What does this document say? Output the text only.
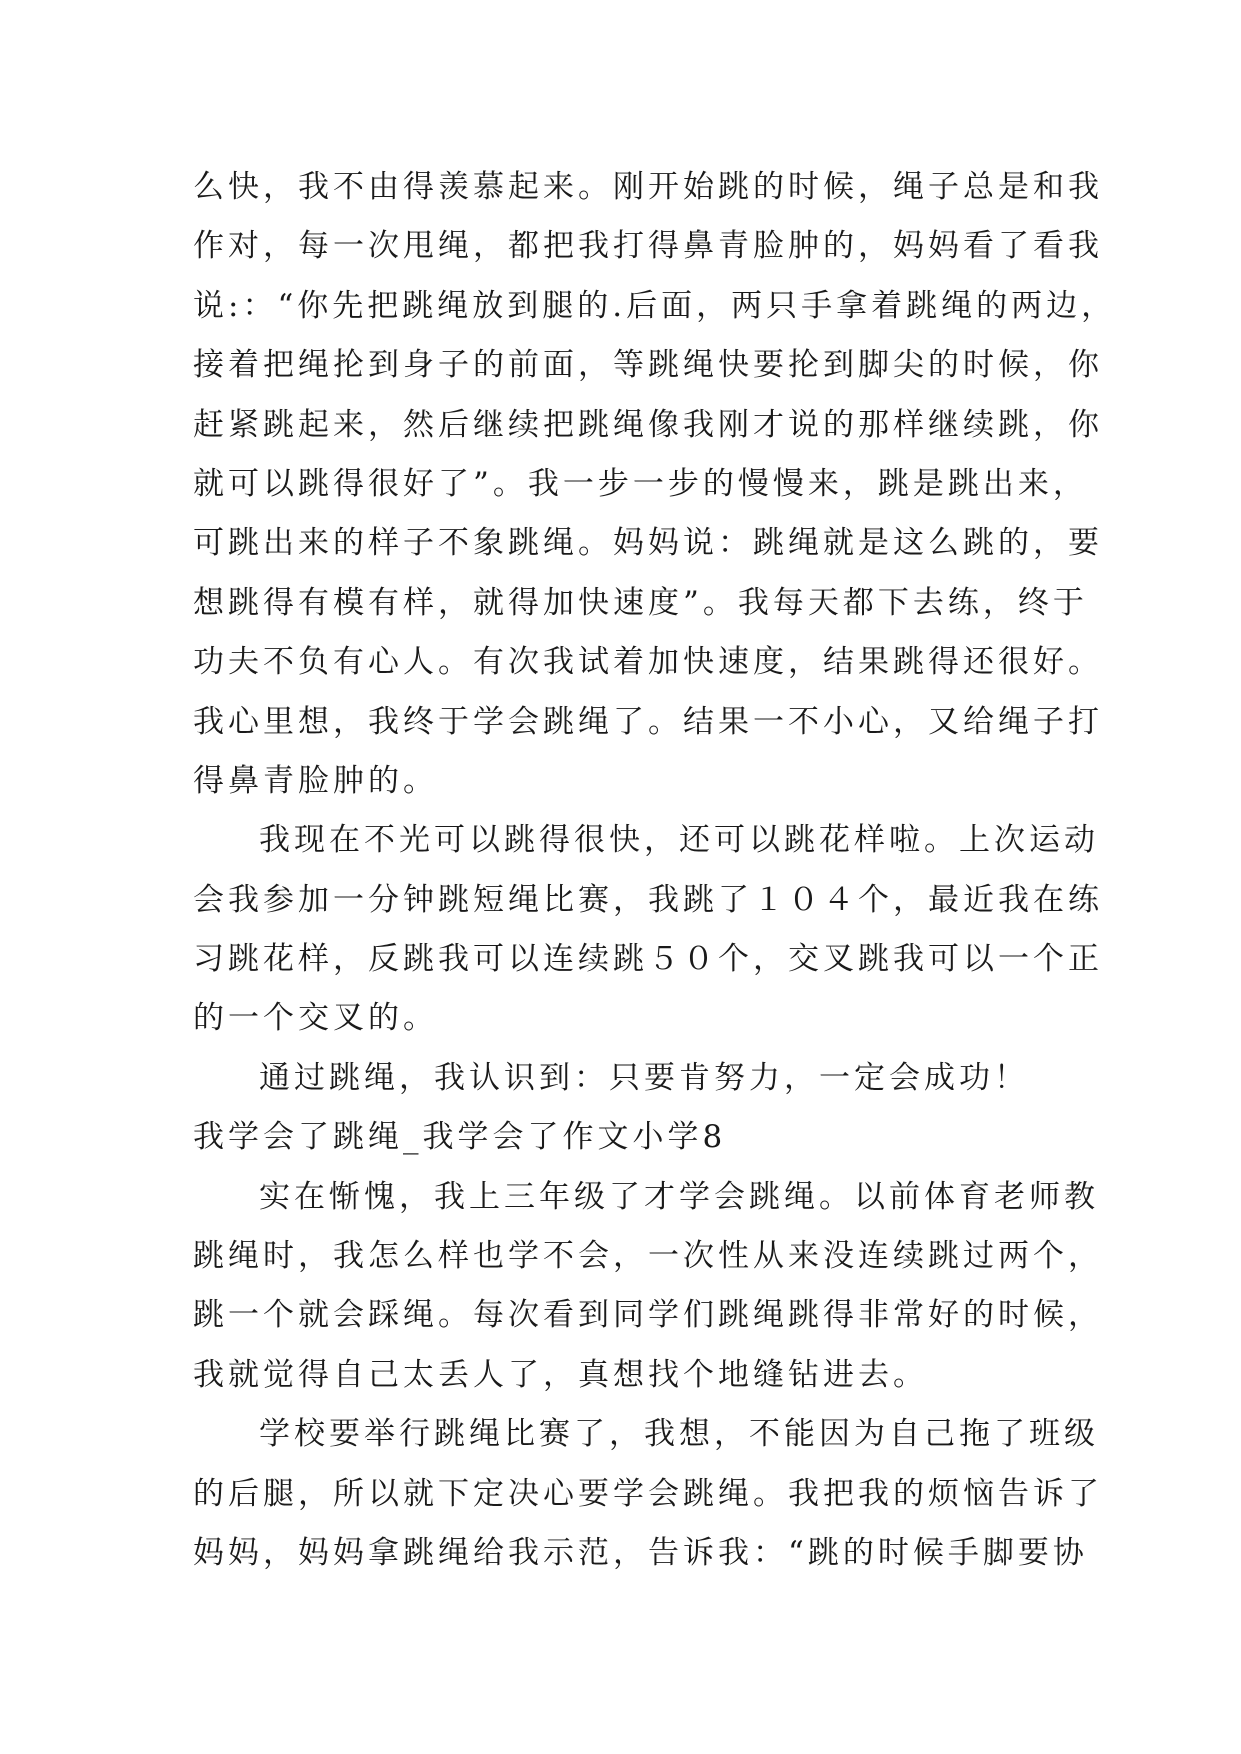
么快，我不由得羡慕起来。刚开始跳的时候，绳子总是和我
作对，每一次甩绳，都把我打得鼻青脸肿的，妈妈看了看我
说:：“你先把跳绳放到腿的.后面，两只手拿着跳绳的两边，
接着把绳抡到身子的前面，等跳绳快要抡到脚尖的时候，你
赶紧跳起来，然后继续把跳绳像我刚才说的那样继续跳，你
就可以跳得很好了”。我一步一步的慢慢来，跳是跳出来，
可跳出来的样子不象跳绳。妈妈说：跳绳就是这么跳的，要
想跳得有模有样，就得加快速度”。我每天都下去练，终于
功夫不负有心人。有次我试着加快速度，结果跳得还很好。
我心里想，我终于学会跳绳了。结果一不小心，又给绳子打
得鼻青脸肿的。
我现在不光可以跳得很快，还可以跳花样啦。上次运动
会我参加一分钟跳短绳比赛，我跳了１０４个，最近我在练
习跳花样，反跳我可以连续跳５０个，交叉跳我可以一个正
的一个交叉的。
通过跳绳，我认识到：只要肯努力，一定会成功！
我学会了跳绳_我学会了作文小学8
实在惭愧，我上三年级了才学会跳绳。以前体育老师教
跳绳时，我怎么样也学不会，一次性从来没连续跳过两个，
跳一个就会踩绳。每次看到同学们跳绳跳得非常好的时候，
我就觉得自己太丢人了，真想找个地缝钻进去。
学校要举行跳绳比赛了，我想，不能因为自己拖了班级
的后腿，所以就下定决心要学会跳绳。我把我的烦恼告诉了
妈妈，妈妈拿跳绳给我示范，告诉我：“跳的时候手脚要协
